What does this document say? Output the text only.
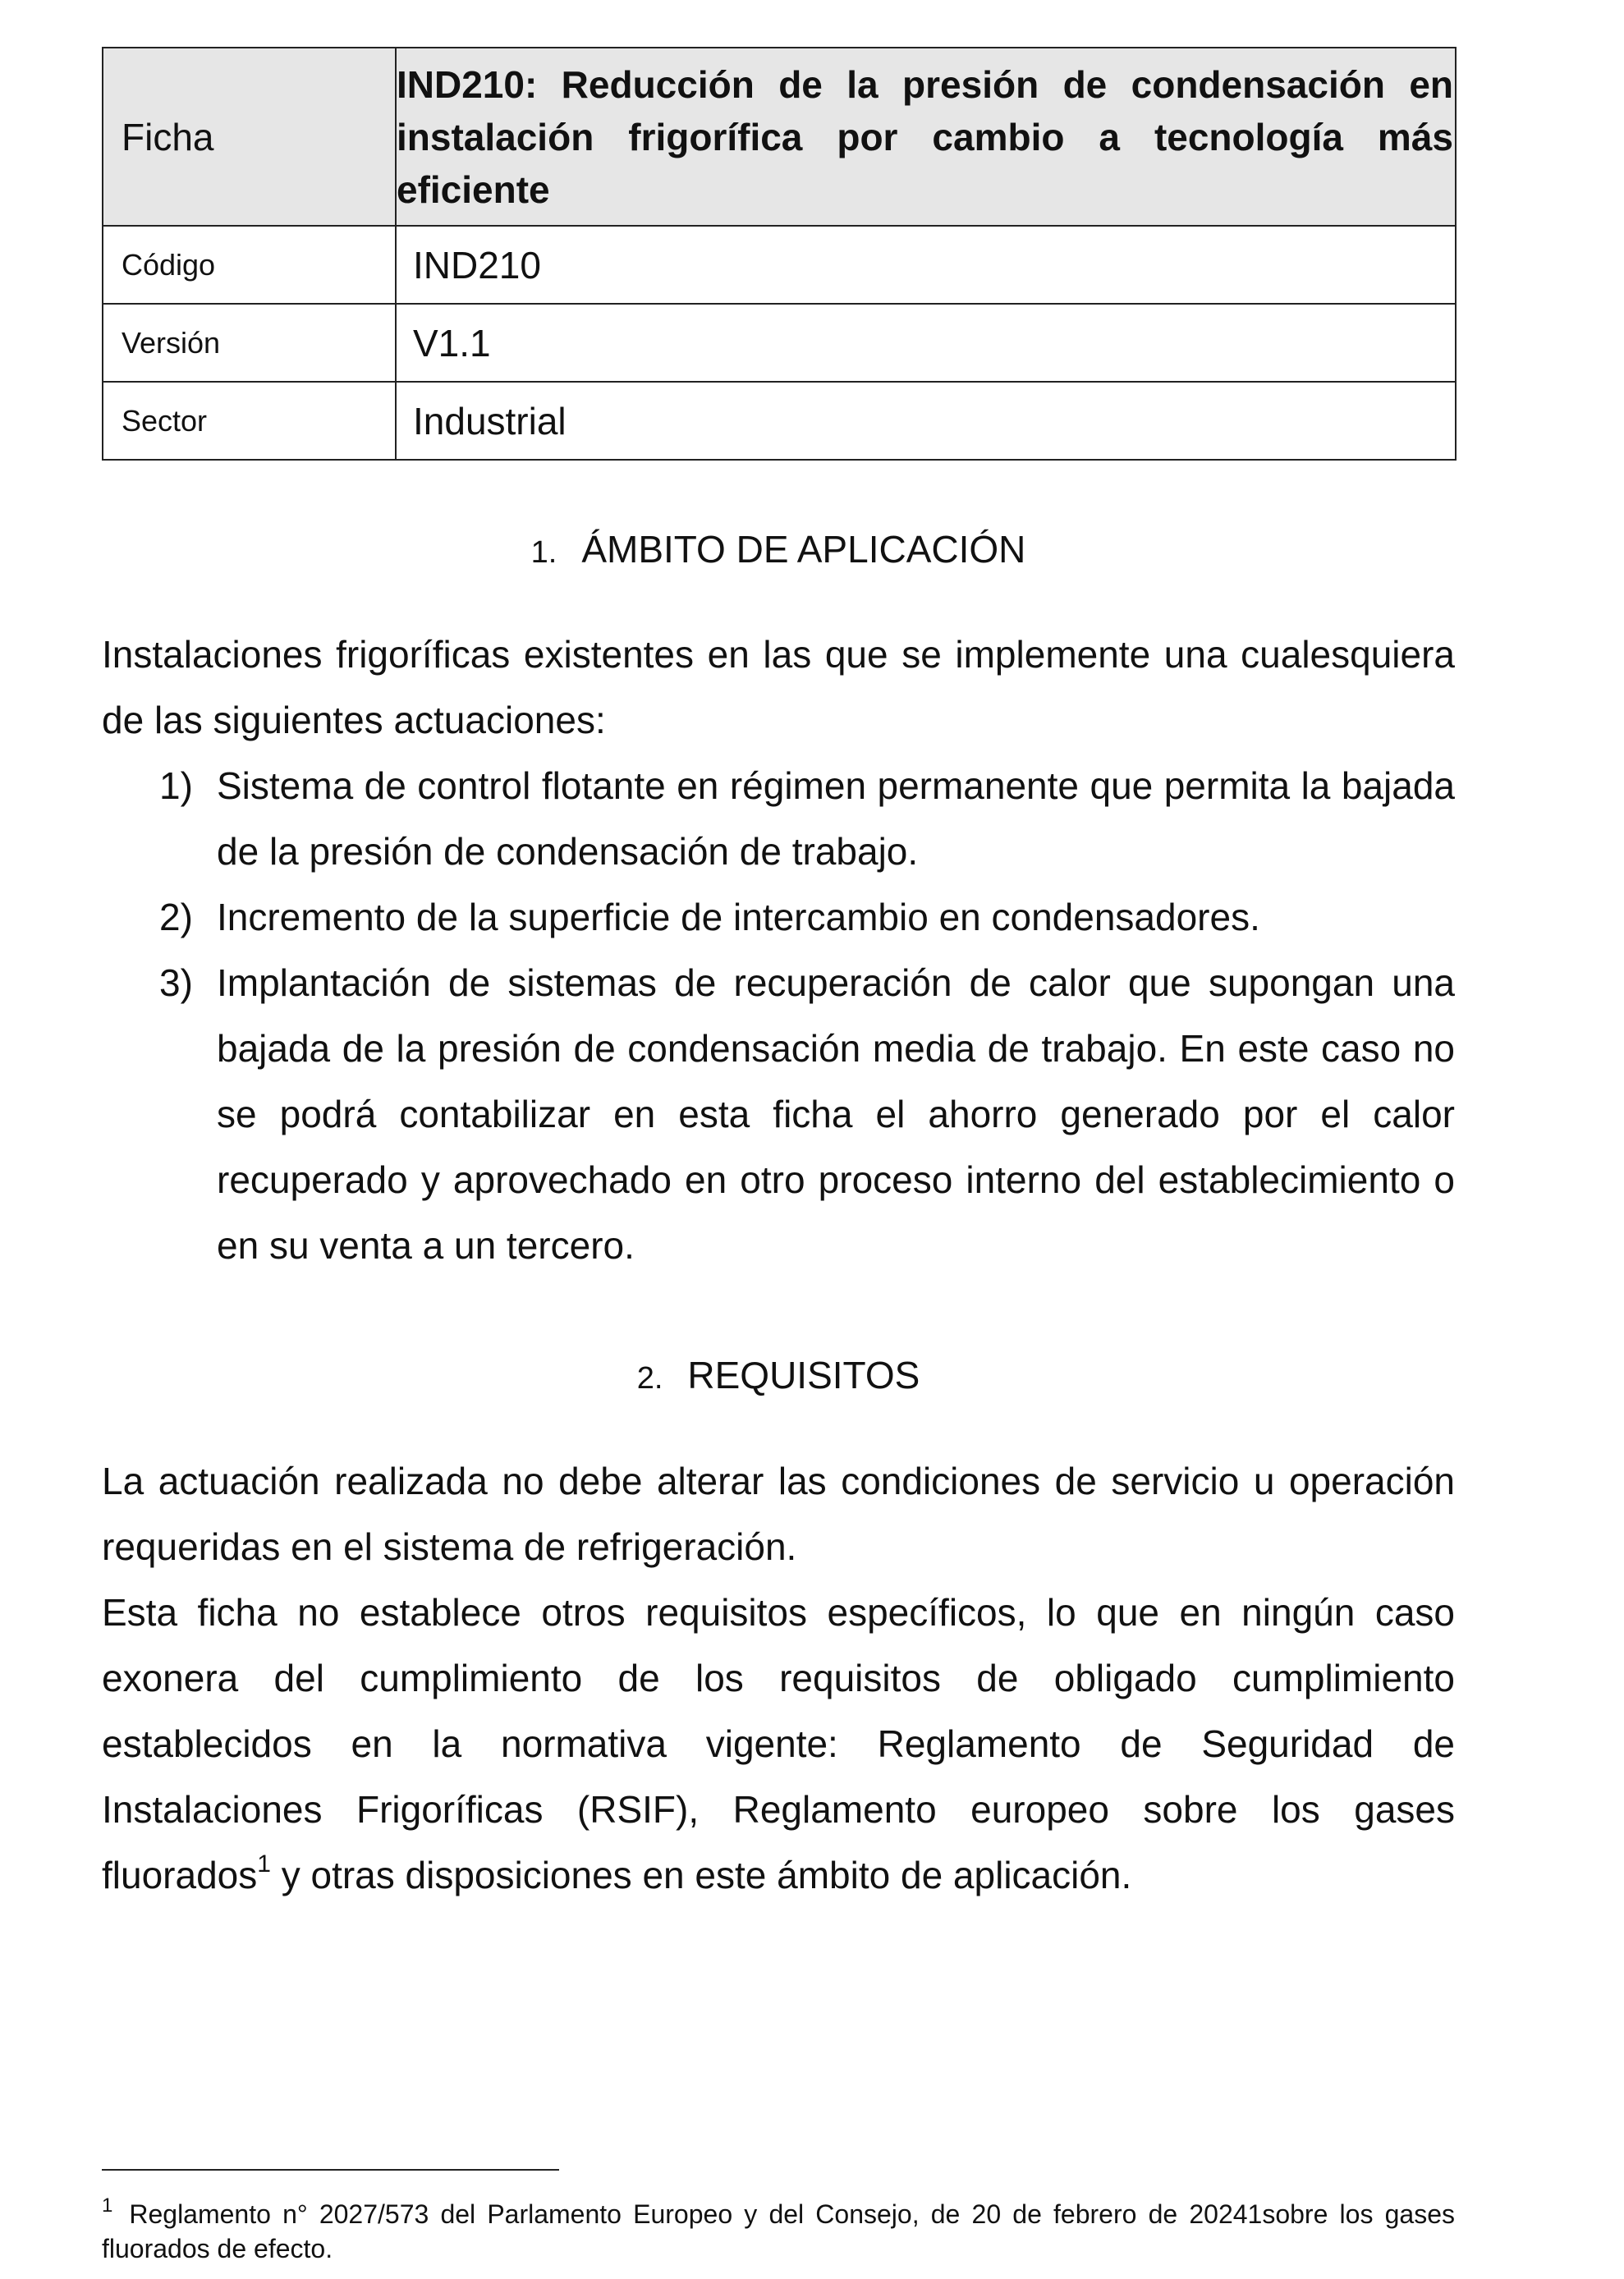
Ficha	IND210: Reducción de la presión de condensación en instalación frigorífica por cambio a tecnología más eficiente
Código	IND210
Versión	V1.1
Sector	Industrial
1. ÁMBITO DE APLICACIÓN

Instalaciones frigoríficas existentes en las que se implemente una cualesquiera de las siguientes actuaciones:

1) Sistema de control flotante en régimen permanente que permita la bajada de la presión de condensación de trabajo.
2) Incremento de la superficie de intercambio en condensadores.
3) Implantación de sistemas de recuperación de calor que supongan una bajada de la presión de condensación media de trabajo. En este caso no se podrá contabilizar en esta ficha el ahorro generado por el calor recuperado y aprovechado en otro proceso interno del establecimiento o en su venta a un tercero.
2. REQUISITOS

La actuación realizada no debe alterar las condiciones de servicio u operación requeridas en el sistema de refrigeración.

Esta ficha no establece otros requisitos específicos, lo que en ningún caso exonera del cumplimiento de los requisitos de obligado cumplimiento establecidos en la normativa vigente: Reglamento de Seguridad de Instalaciones Frigoríficas (RSIF), Reglamento europeo sobre los gases fluorados$^1$ y otras disposiciones en este ámbito de aplicación.

$^1$ Reglamento n° 2027/573 del Parlamento Europeo y del Consejo, de 20 de febrero de 20241sobre los gases fluorados de efecto.
